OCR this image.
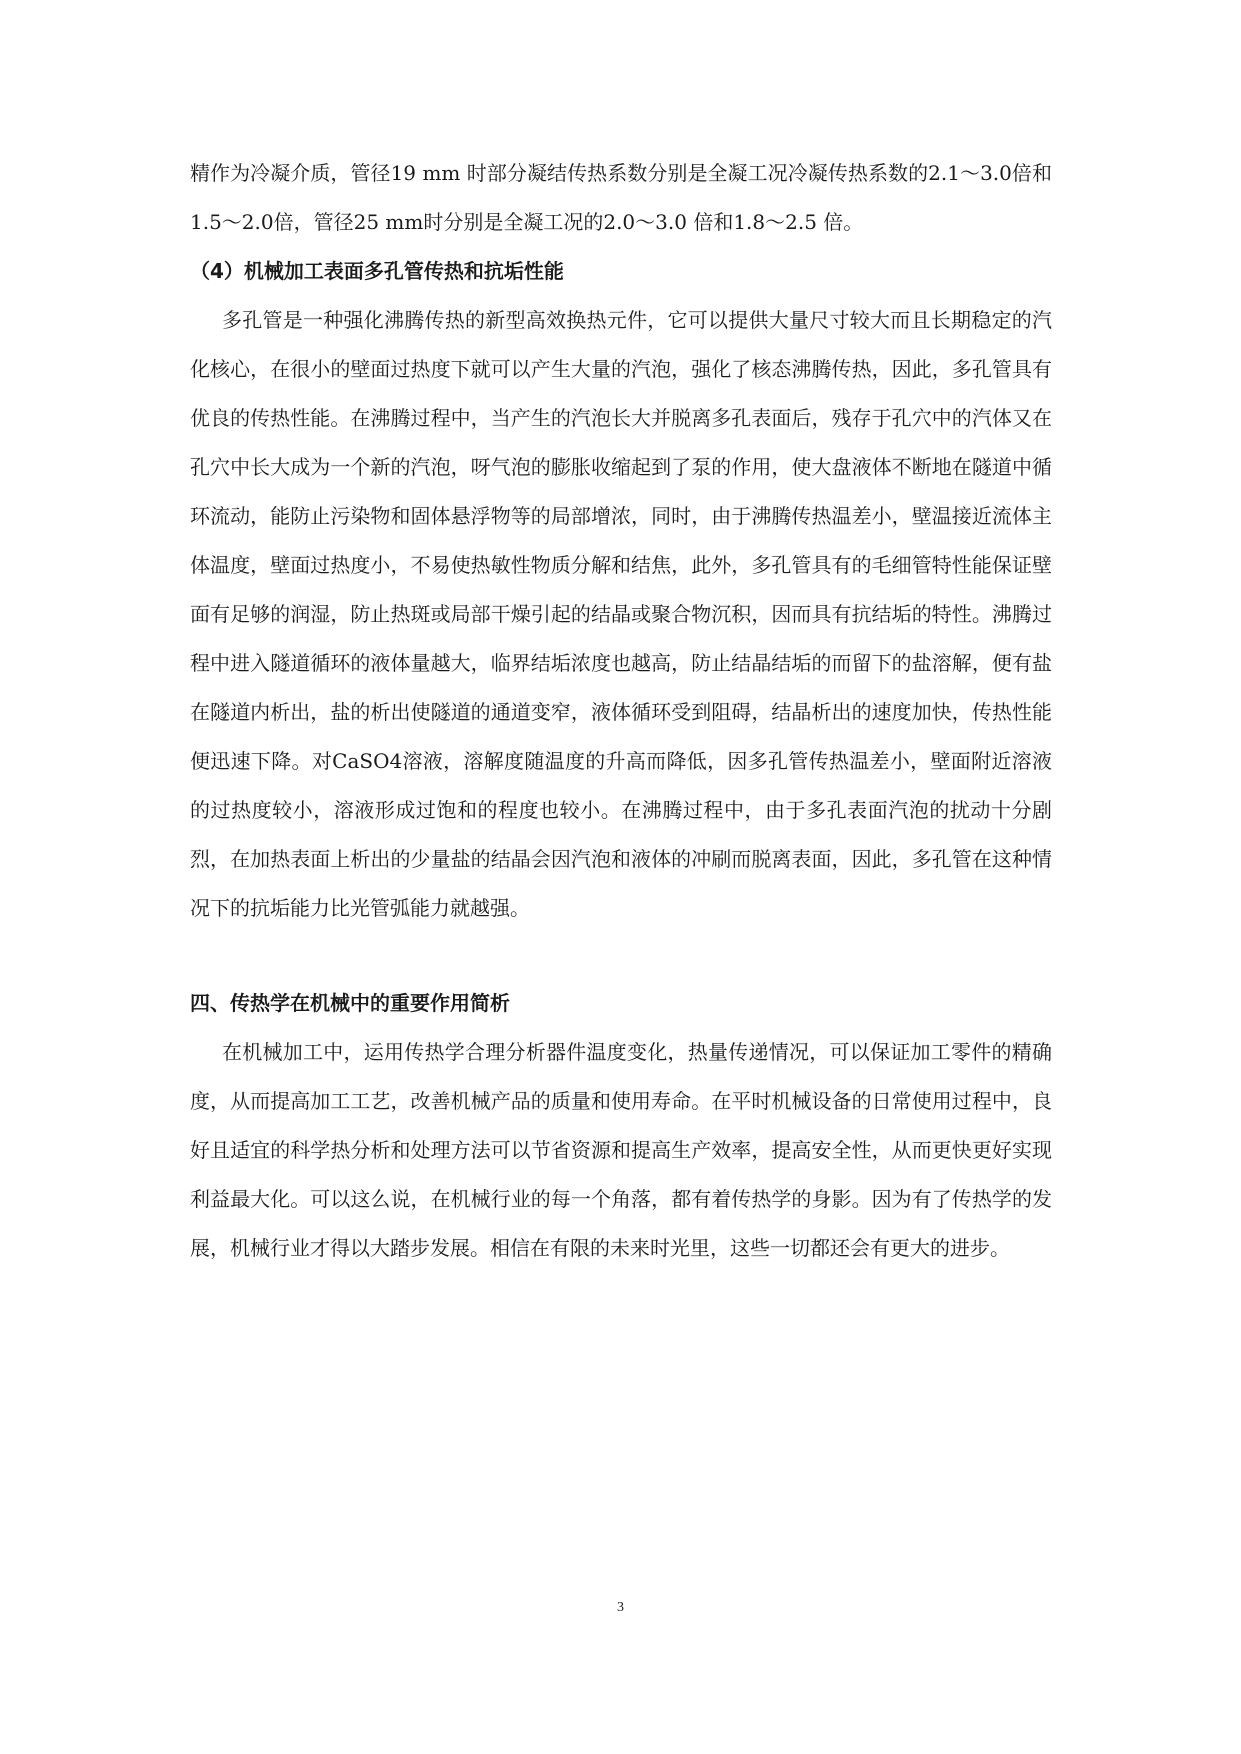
精作为冷凝介质，管径19 mm 时部分凝结传热系数分别是全凝工况冷凝传热系数的2.1～3.0倍和1.5～2.0倍，管径25 mm时分别是全凝工况的2.0～3.0 倍和1.8～2.5 倍。
（4）机械加工表面多孔管传热和抗垢性能
多孔管是一种强化沸腾传热的新型高效换热元件，它可以提供大量尺寸较大而且长期稳定的汽化核心，在很小的壁面过热度下就可以产生大量的汽泡，强化了核态沸腾传热，因此，多孔管具有优良的传热性能。在沸腾过程中，当产生的汽泡长大并脱离多孔表面后，残存于孔穴中的汽体又在孔穴中长大成为一个新的汽泡，呀气泡的膨胀收缩起到了泵的作用，使大盘液体不断地在隧道中循环流动，能防止污染物和固体悬浮物等的局部增浓，同时，由于沸腾传热温差小，壁温接近流体主体温度，壁面过热度小，不易使热敏性物质分解和结焦，此外，多孔管具有的毛细管特性能保证壁面有足够的润湿，防止热斑或局部干燥引起的结晶或聚合物沉积，因而具有抗结垢的特性。沸腾过程中进入隧道循环的液体量越大，临界结垢浓度也越高，防止结晶结垢的而留下的盐溶解，便有盐在隧道内析出，盐的析出使隧道的通道变窄，液体循环受到阻碍，结晶析出的速度加快，传热性能便迅速下降。对CaSO4溶液，溶解度随温度的升高而降低，因多孔管传热温差小，壁面附近溶液的过热度较小，溶液形成过饱和的程度也较小。在沸腾过程中，由于多孔表面汽泡的扰动十分剧烈，在加热表面上析出的少量盐的结晶会因汽泡和液体的冲刷而脱离表面，因此，多孔管在这种情况下的抗垢能力比光管弧能力就越强。
四、传热学在机械中的重要作用简析
在机械加工中，运用传热学合理分析器件温度变化，热量传递情况，可以保证加工零件的精确度，从而提高加工工艺，改善机械产品的质量和使用寿命。在平时机械设备的日常使用过程中，良好且适宜的科学热分析和处理方法可以节省资源和提高生产效率，提高安全性，从而更快更好实现利益最大化。可以这么说，在机械行业的每一个角落，都有着传热学的身影。因为有了传热学的发展，机械行业才得以大踏步发展。相信在有限的未来时光里，这些一切都还会有更大的进步。
3
